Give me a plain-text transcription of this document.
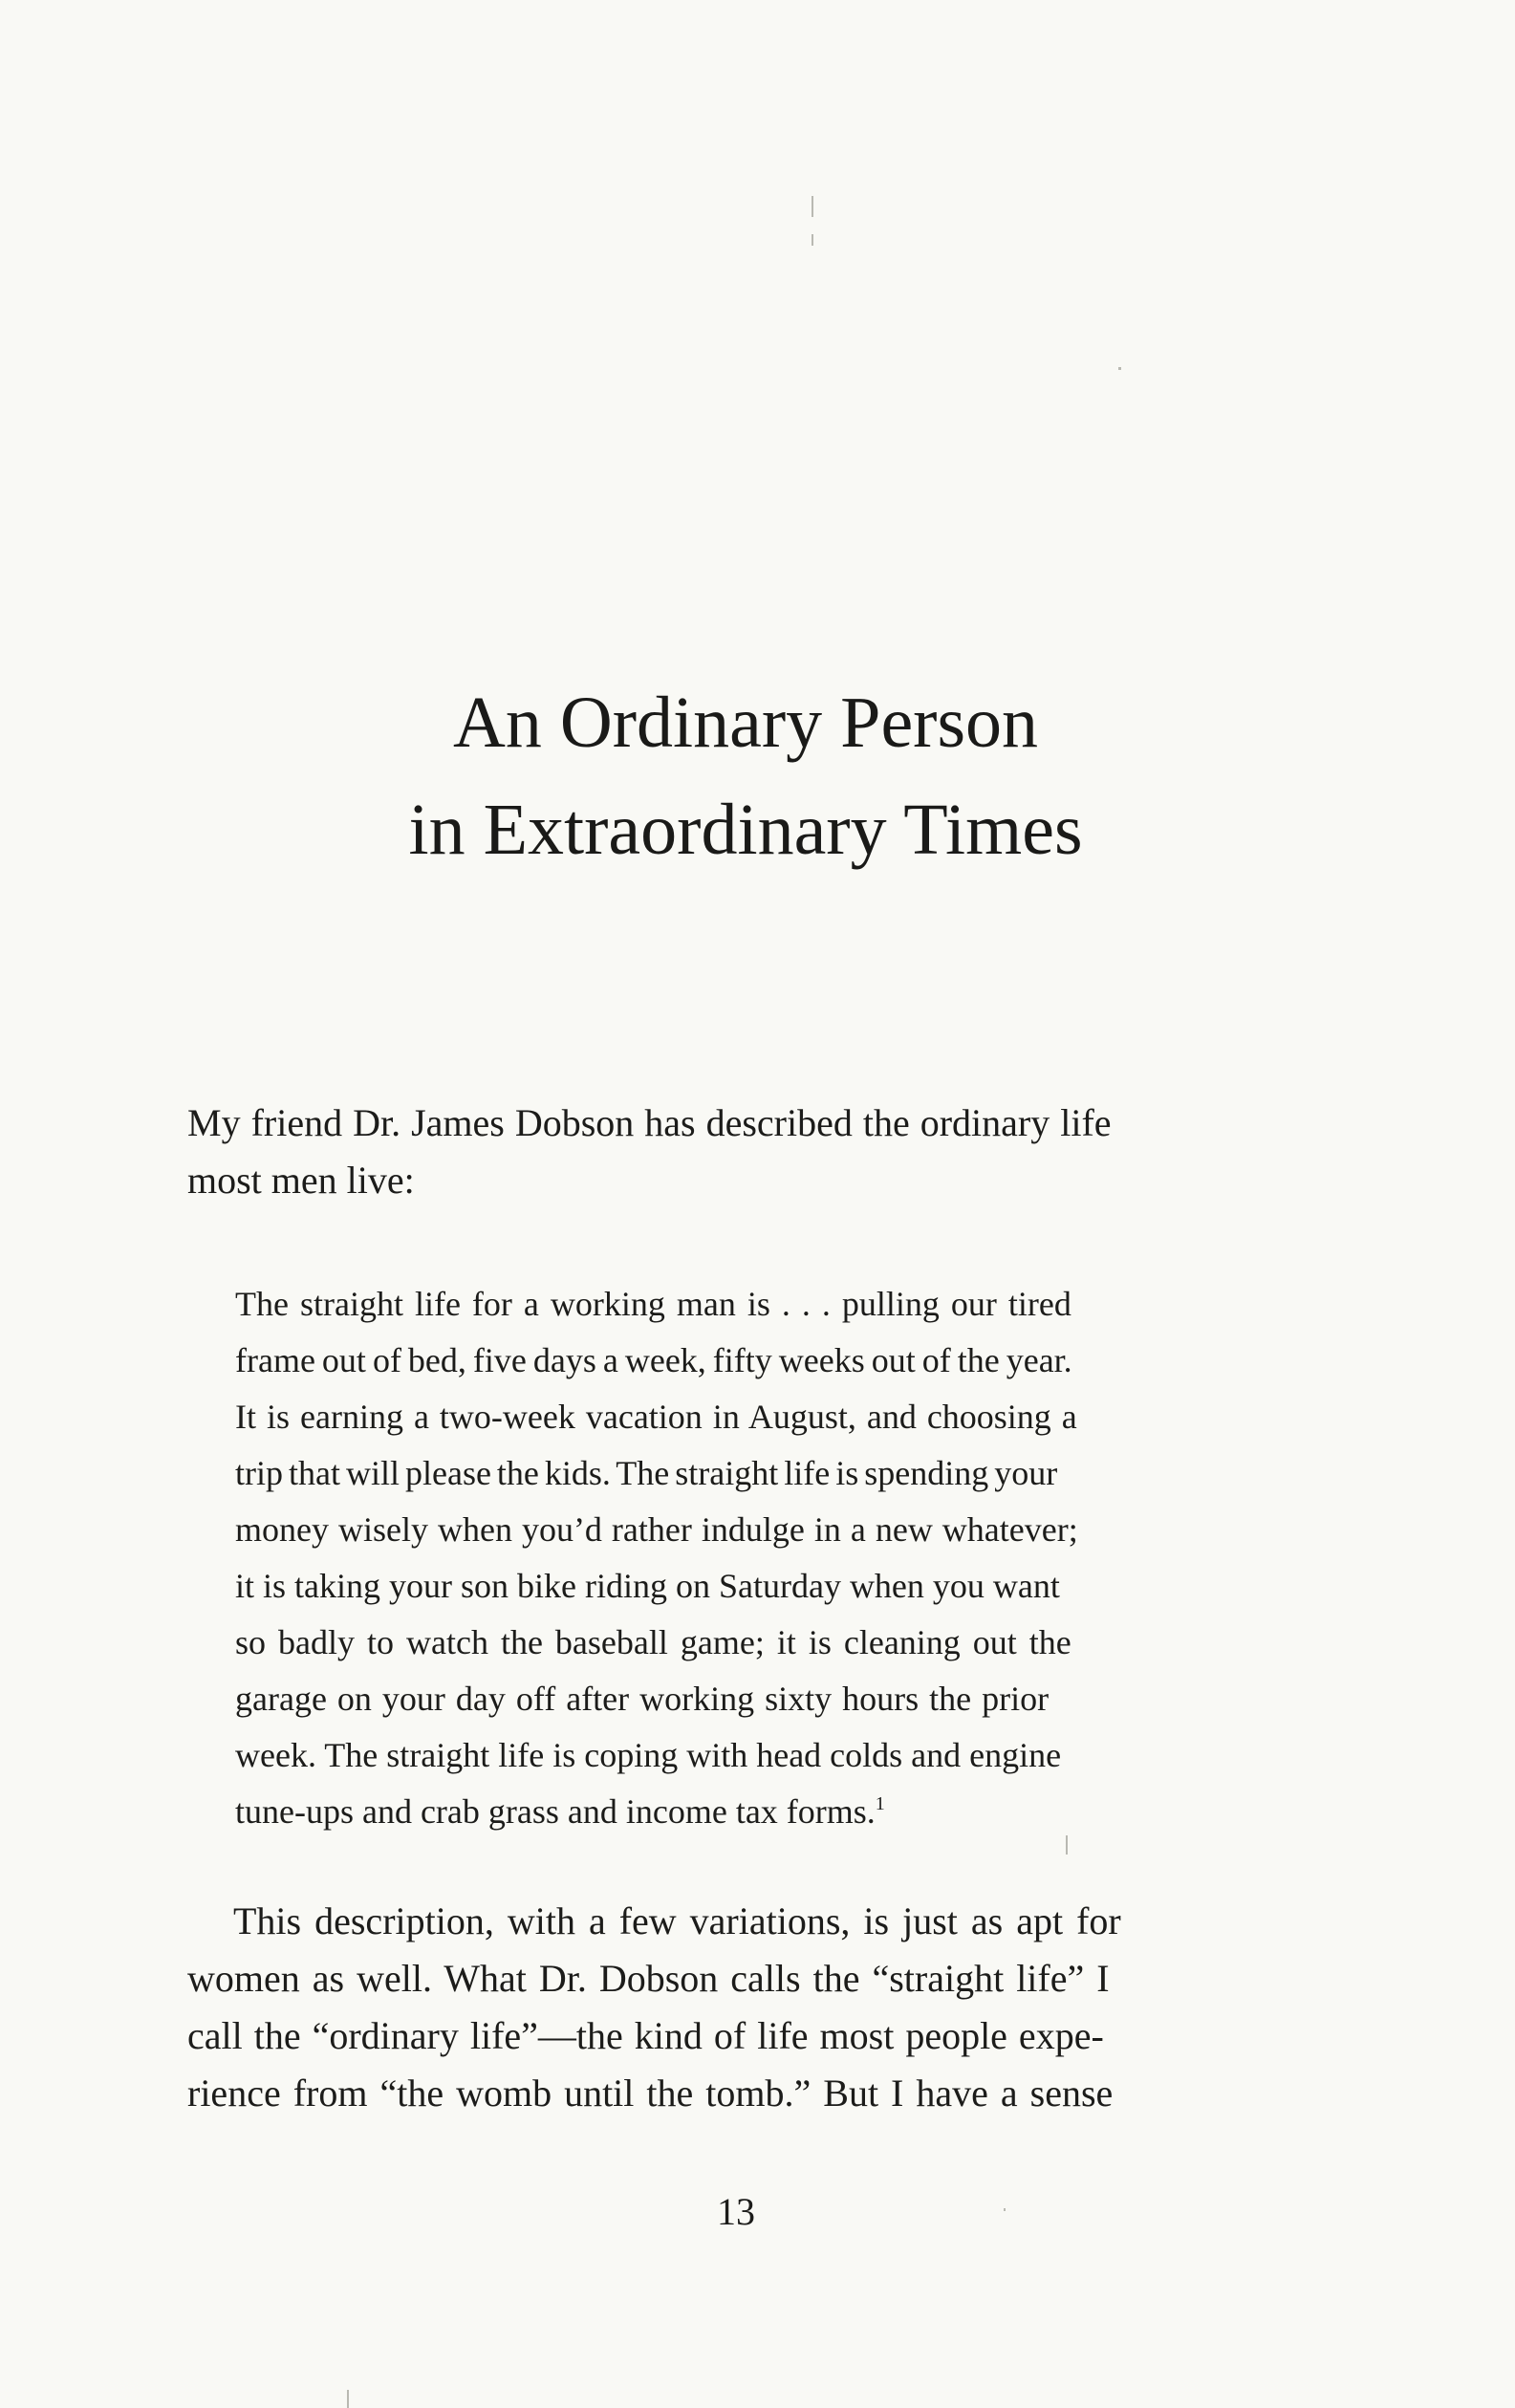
An Ordinary Person
in Extraordinary Times

My friend Dr. James Dobson has described the ordinary life
most men live:

The straight life for a working man is . . . pulling our tired
frame out of bed, five days a week, fifty weeks out of the year.
It is earning a two-week vacation in August, and choosing a
trip that will please the kids. The straight life is spending your
money wisely when you’d rather indulge in a new whatever;
it is taking your son bike riding on Saturday when you want
so badly to watch the baseball game; it is cleaning out the
garage on your day off after working sixty hours the prior
week. The straight life is coping with head colds and engine
tune-ups and crab grass and income tax forms.$^1$

This description, with a few variations, is just as apt for
women as well. What Dr. Dobson calls the “straight life” I
call the “ordinary life”—the kind of life most people expe-
rience from “the womb until the tomb.” But I have a sense

13
